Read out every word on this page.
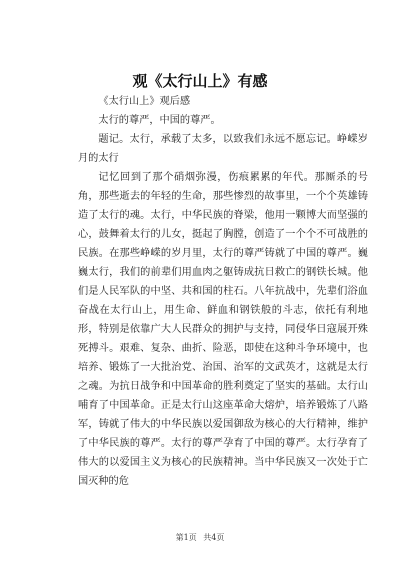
观《太行山上》有感

《太行山上》观后感

太行的尊严，中国的尊严。

题记。太行，承载了太多，以致我们永远不愿忘记。峥嵘岁月的太行

记忆回到了那个硝烟弥漫，伤痕累累的年代。那厮杀的号角，那些逝去的年轻的生命，那些惨烈的故事里，一个个英雄铸造了太行的魂。太行，中华民族的脊梁，他用一颗博大而坚强的心，鼓舞着太行的儿女，挺起了胸膛，创造了一个个不可战胜的民族。在那些峥嵘的岁月里，太行的尊严铸就了中国的尊严。巍巍太行，我们的前辈们用血肉之躯铸成抗日救亡的钢铁长城。他们是人民军队的中坚、共和国的柱石。八年抗战中，先辈们浴血奋战在太行山上，用生命、鲜血和钢铁般的斗志，依托有利地形，特别是依靠广大人民群众的拥护与支持，同侵华日寇展开殊死搏斗。艰难、复杂、曲折、险恶，即使在这种斗争环境中，也培养、锻炼了一大批治党、治国、治军的文武英才，这就是太行之魂。为抗日战争和中国革命的胜利奠定了坚实的基础。太行山哺育了中国革命。正是太行山这座革命大熔炉，培养锻炼了八路军，铸就了伟大的中华民族以爱国御敌为核心的大行精神，维护了中华民族的尊严。太行的尊严孕育了中国的尊严。太行孕育了伟大的以爱国主义为核心的民族精神。当中华民族又一次处于亡国灭种的危

第1页 共4页
